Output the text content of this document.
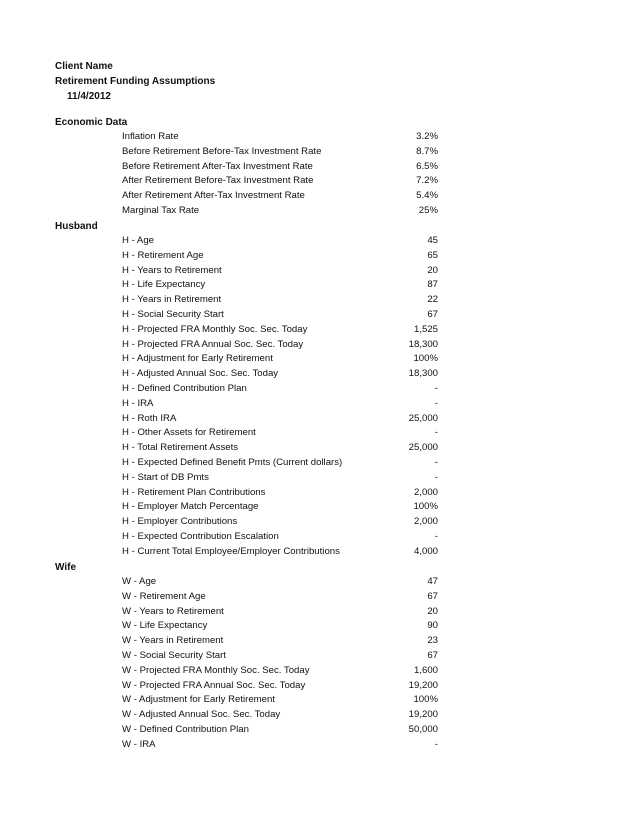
Client Name
Retirement Funding Assumptions
11/4/2012
Economic Data
Inflation Rate	3.2%
Before Retirement Before-Tax Investment Rate	8.7%
Before Retirement After-Tax Investment Rate	6.5%
After Retirement Before-Tax Investment Rate	7.2%
After Retirement After-Tax Investment Rate	5.4%
Marginal Tax Rate	25%
Husband
H - Age	45
H - Retirement Age	65
H - Years to Retirement	20
H - Life Expectancy	87
H - Years in Retirement	22
H - Social Security Start	67
H - Projected FRA Monthly Soc. Sec. Today	1,525
H - Projected FRA Annual Soc. Sec. Today	18,300
H - Adjustment for Early Retirement	100%
H - Adjusted Annual Soc. Sec. Today	18,300
H - Defined Contribution Plan	-
H - IRA	-
H - Roth IRA	25,000
H - Other Assets for Retirement	-
H - Total Retirement Assets	25,000
H - Expected Defined Benefit Pmts (Current dollars)	-
H - Start of DB Pmts	-
H - Retirement Plan Contributions	2,000
H - Employer Match Percentage	100%
H - Employer Contributions	2,000
H - Expected Contribution Escalation	-
H - Current Total Employee/Employer Contributions	4,000
Wife
W - Age	47
W - Retirement Age	67
W - Years to Retirement	20
W - Life Expectancy	90
W - Years in Retirement	23
W - Social Security Start	67
W - Projected FRA Monthly Soc. Sec. Today	1,600
W - Projected FRA Annual Soc. Sec. Today	19,200
W - Adjustment for Early Retirement	100%
W - Adjusted Annual Soc. Sec. Today	19,200
W - Defined Contribution Plan	50,000
W - IRA	-
